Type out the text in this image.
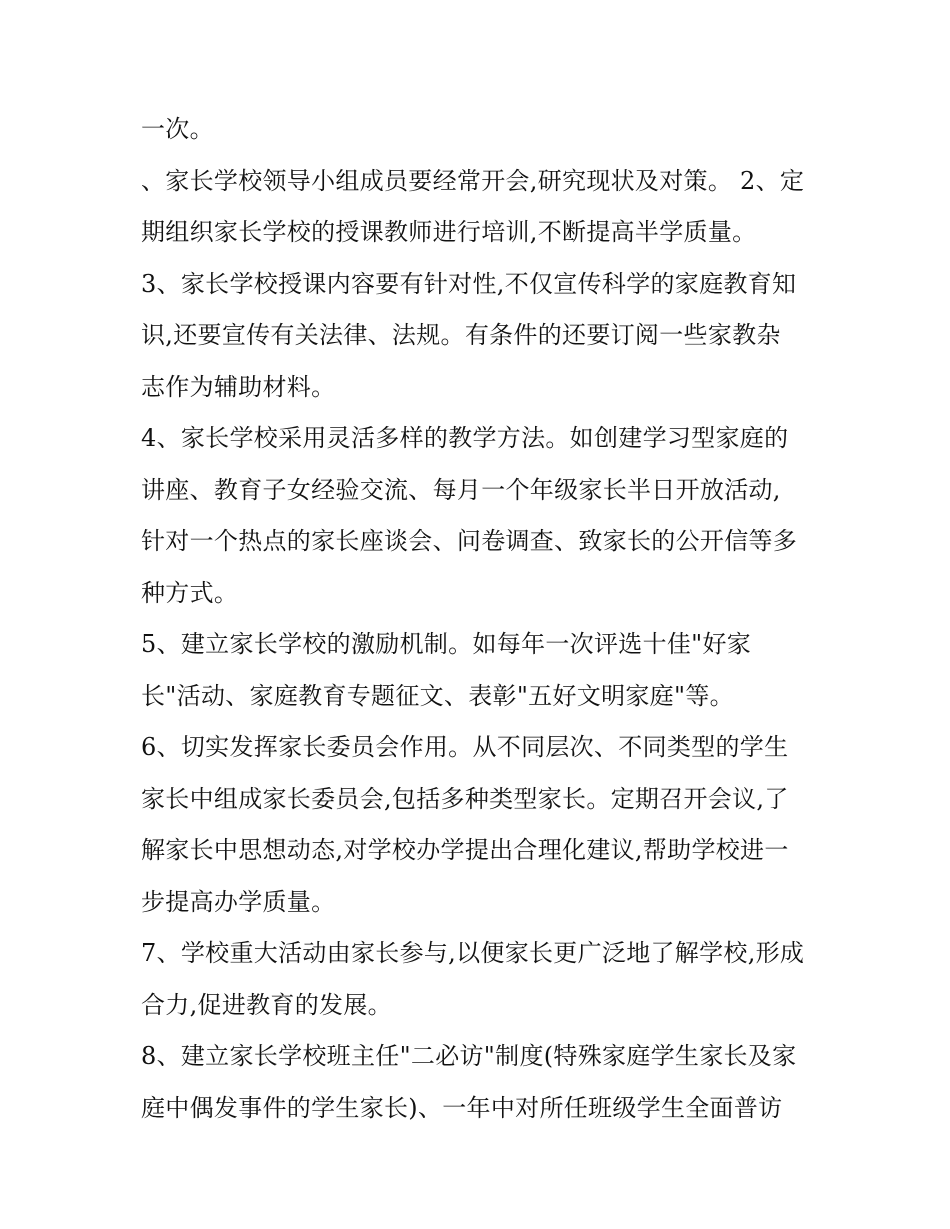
一次。
、家长学校领导小组成员要经常开会,研究现状及对策。 2、定
期组织家长学校的授课教师进行培训,不断提高半学质量。
3、家长学校授课内容要有针对性,不仅宣传科学的家庭教育知
识,还要宣传有关法律、法规。有条件的还要订阅一些家教杂
志作为辅助材料。
4、家长学校采用灵活多样的教学方法。如创建学习型家庭的
讲座、教育子女经验交流、每月一个年级家长半日开放活动,
针对一个热点的家长座谈会、问卷调查、致家长的公开信等多
种方式。
5、建立家长学校的激励机制。如每年一次评选十佳"好家
长"活动、家庭教育专题征文、表彰"五好文明家庭"等。
6、切实发挥家长委员会作用。从不同层次、不同类型的学生
家长中组成家长委员会,包括多种类型家长。定期召开会议,了
解家长中思想动态,对学校办学提出合理化建议,帮助学校进一
步提高办学质量。
7、学校重大活动由家长参与,以便家长更广泛地了解学校,形成
合力,促进教育的发展。
8、建立家长学校班主任"二必访"制度(特殊家庭学生家长及家
庭中偶发事件的学生家长)、一年中对所任班级学生全面普访
